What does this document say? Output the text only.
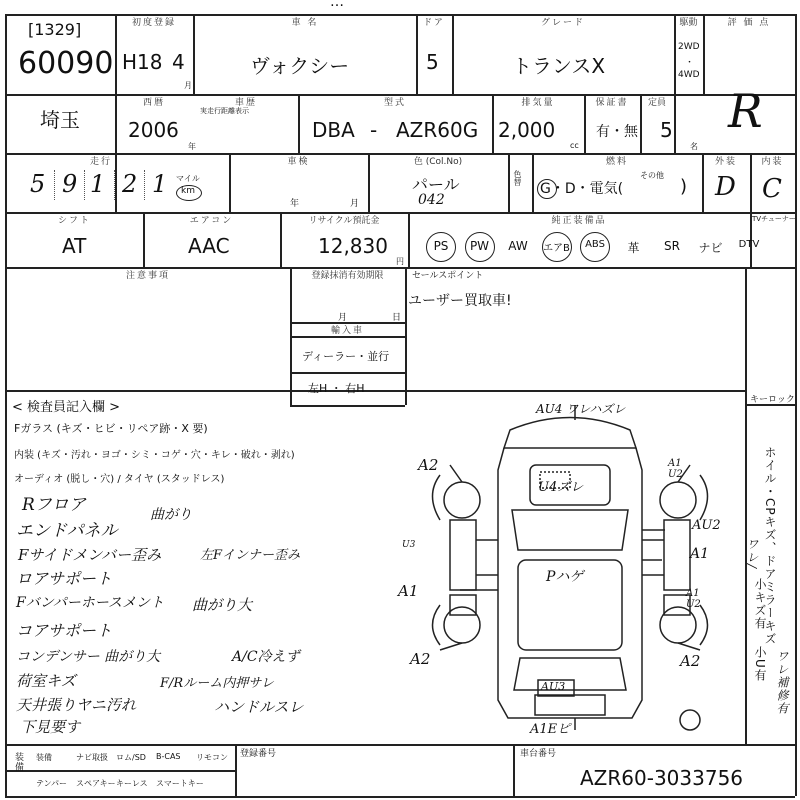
…
[1329]
60090
初度登録
H18 4
月
車 名
ヴォクシー
ドア
5
グレード
トランスX
駆動
2WD
・
4WD
評 価 点
R
埼玉
西暦
2006
年
車歴
実走行距離表示
型式
DBA - AZR60G
排気量
2,000
cc
保証書
有・無
定員
5
名
走行
5 9 1 2 1 マイル
km
車検
年	月
色 (Col.No)
パール
042
色替
燃料
G・D・電気(
その他
)
外装
D
内装
C
シフト
AT
エアコン
AAC
リサイクル預託金
12,830
円
純正装備品	TVチューナー
PS	PW	AW	エアB	ABS	革	SR	ナビ	DTV
注意事項	登録抹消有効期限
月	日
輸入車
ディーラー・並行
左H ・ 右H
セールスポイント
ユーザー買取車!
< 検査員記入欄 >
Fガラス (キズ・ヒビ・リペア跡・X 要)
内装 (キズ・汚れ・ヨゴ・シミ・コゲ・穴・キレ・破れ・剥れ)
オーディオ (脱し・穴) / タイヤ (スタッドレス)
Rフロア
エンドパネル
曲がり
Fサイドメンバー歪み	左Fインナー歪み
ロアサポート
Fバンパーホースメント 曲がり大
コアサポート
コンデンサー 曲がり大	A/C冷えず
荷室キズ	F/Rルーム内押サレ
天井張りヤニ汚れ	ハンドルスレ
下見要す
AU4 ワレハズレ
A2	A1 U2
U4ズレ
AU2
A1
U3
A1	A1 U2
Pハゲ
A2	A2
AU3
A1Eピ
キーロック
ホイル・CPキズ、ドアミラーキズ
ワレ/
小キズ有
小U有 ワレ補修有
装備 装備	ナビ取扱 ロム/SD B-CAS リモコン
テンパー スペアキー キーレス スマートキー
登録番号	車台番号
AZR60-3033756
